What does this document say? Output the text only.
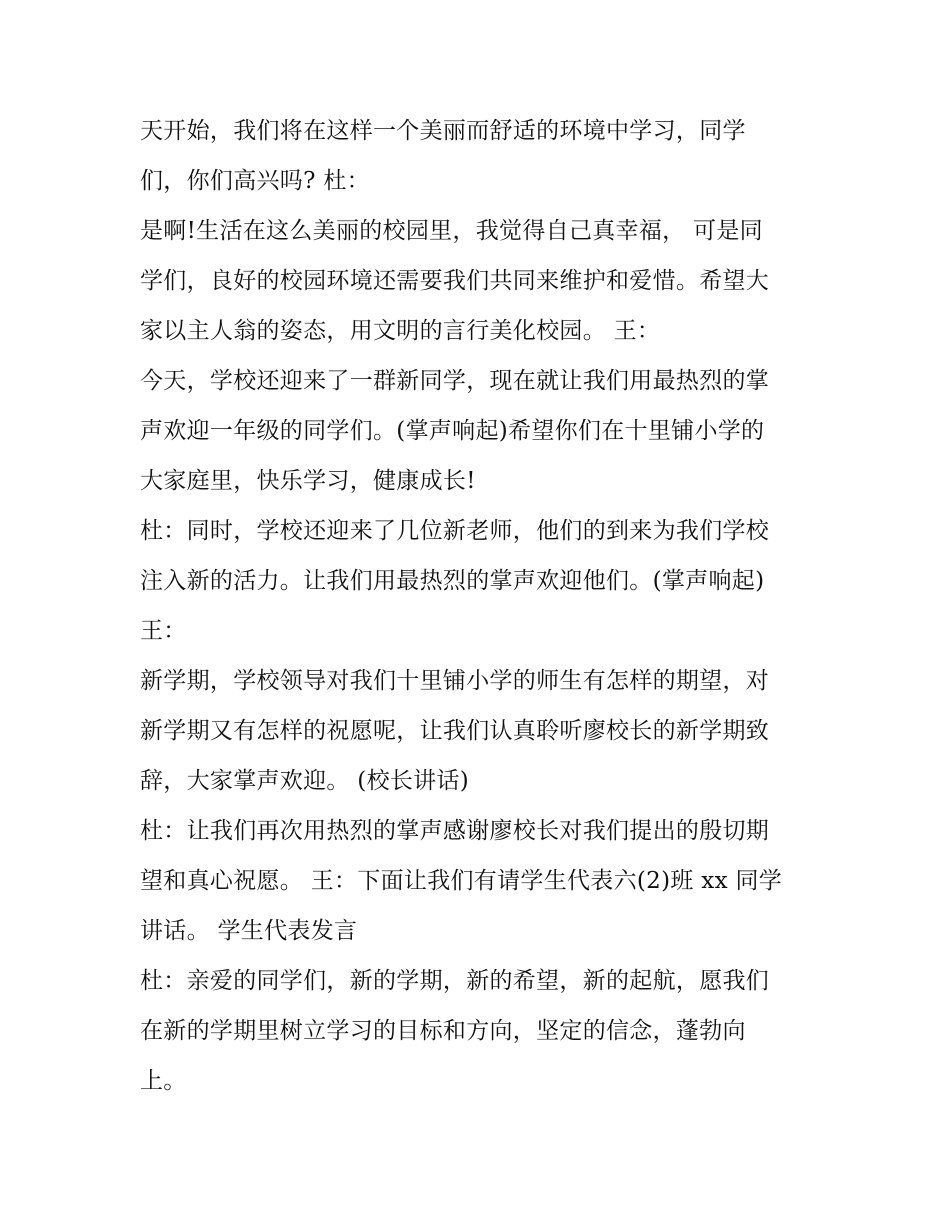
天开始，我们将在这样一个美丽而舒适的环境中学习，同学
们，你们高兴吗? 杜：
是啊!生活在这么美丽的校园里，我觉得自己真幸福， 可是同
学们，良好的校园环境还需要我们共同来维护和爱惜。希望大
家以主人翁的姿态，用文明的言行美化校园。 王：
今天，学校还迎来了一群新同学，现在就让我们用最热烈的掌
声欢迎一年级的同学们。(掌声响起)希望你们在十里铺小学的
大家庭里，快乐学习，健康成长!
杜：同时，学校还迎来了几位新老师，他们的到来为我们学校
注入新的活力。让我们用最热烈的掌声欢迎他们。(掌声响起)
王：
新学期，学校领导对我们十里铺小学的师生有怎样的期望，对
新学期又有怎样的祝愿呢，让我们认真聆听廖校长的新学期致
辞，大家掌声欢迎。 (校长讲话)
杜：让我们再次用热烈的掌声感谢廖校长对我们提出的殷切期
望和真心祝愿。 王：下面让我们有请学生代表六(2)班 xx 同学
讲话。 学生代表发言
杜：亲爱的同学们，新的学期，新的希望，新的起航，愿我们
在新的学期里树立学习的目标和方向，坚定的信念，蓬勃向
上。
